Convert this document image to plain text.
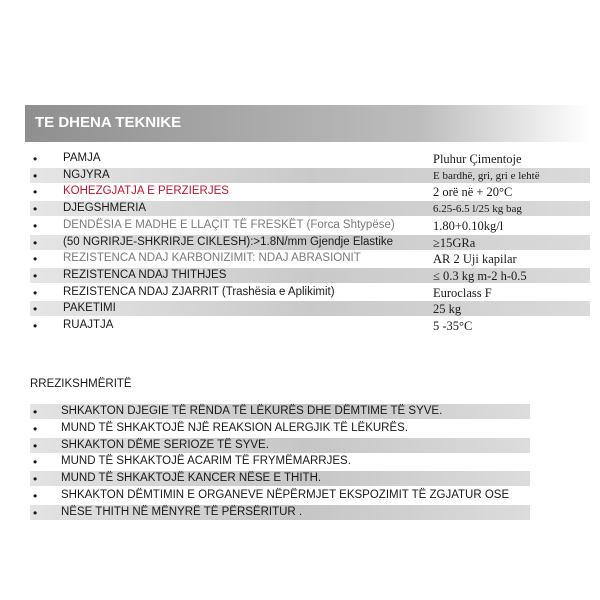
TE DHENA TEKNIKE
• PAMJA	Pluhur Çimentoje
• NGJYRA	E bardhë, gri, gri e lehtë
• KOHEZGJATJA E PERZIERJES	2 orë në + 20°C
• DJEGSHMERIA	6.25-6.5 l/25 kg bag
• DENDËSIA E MADHE E LLAÇIT TË FRESKËT (Forca Shtypëse)	1.80+0.10kg/l
• (50 NGRIRJE-SHKRIRJE CIKLESH):>1.8N/mm Gjendje Elastike	≥15GRa
• REZISTENCA NDAJ KARBONIZIMIT: NDAJ ABRASIONIT	AR 2 Uji kapilar
• REZISTENCA NDAJ THITHJES	≤ 0.3 kg m-2 h-0.5
• REZISTENCA NDAJ ZJARRIT (Trashësia e Aplikimit)	Euroclass F
• PAKETIMI	25 kg
• RUAJTJA	5 -35°C
RREZIKSHMËRITË
• SHKAKTON DJEGIE TË RËNDA TË LËKURËS DHE DËMTIME TË SYVE.
• MUND TË SHKAKTOJË NJË REAKSION ALERGJIK TË LËKURËS.
• SHKAKTON DËME SERIOZE TË SYVE.
• MUND TË SHKAKTOJË ACARIM TË FRYMËMARRJES.
• MUND TË SHKAKTOJË KANCER NËSE E THITH.
• SHKAKTON DËMTIMIN E ORGANEVE NËPËRMJET EKSPOZIMIT TË ZGJATUR OSE
• NËSE THITH NË MËNYRË TË PËRSËRITUR .
